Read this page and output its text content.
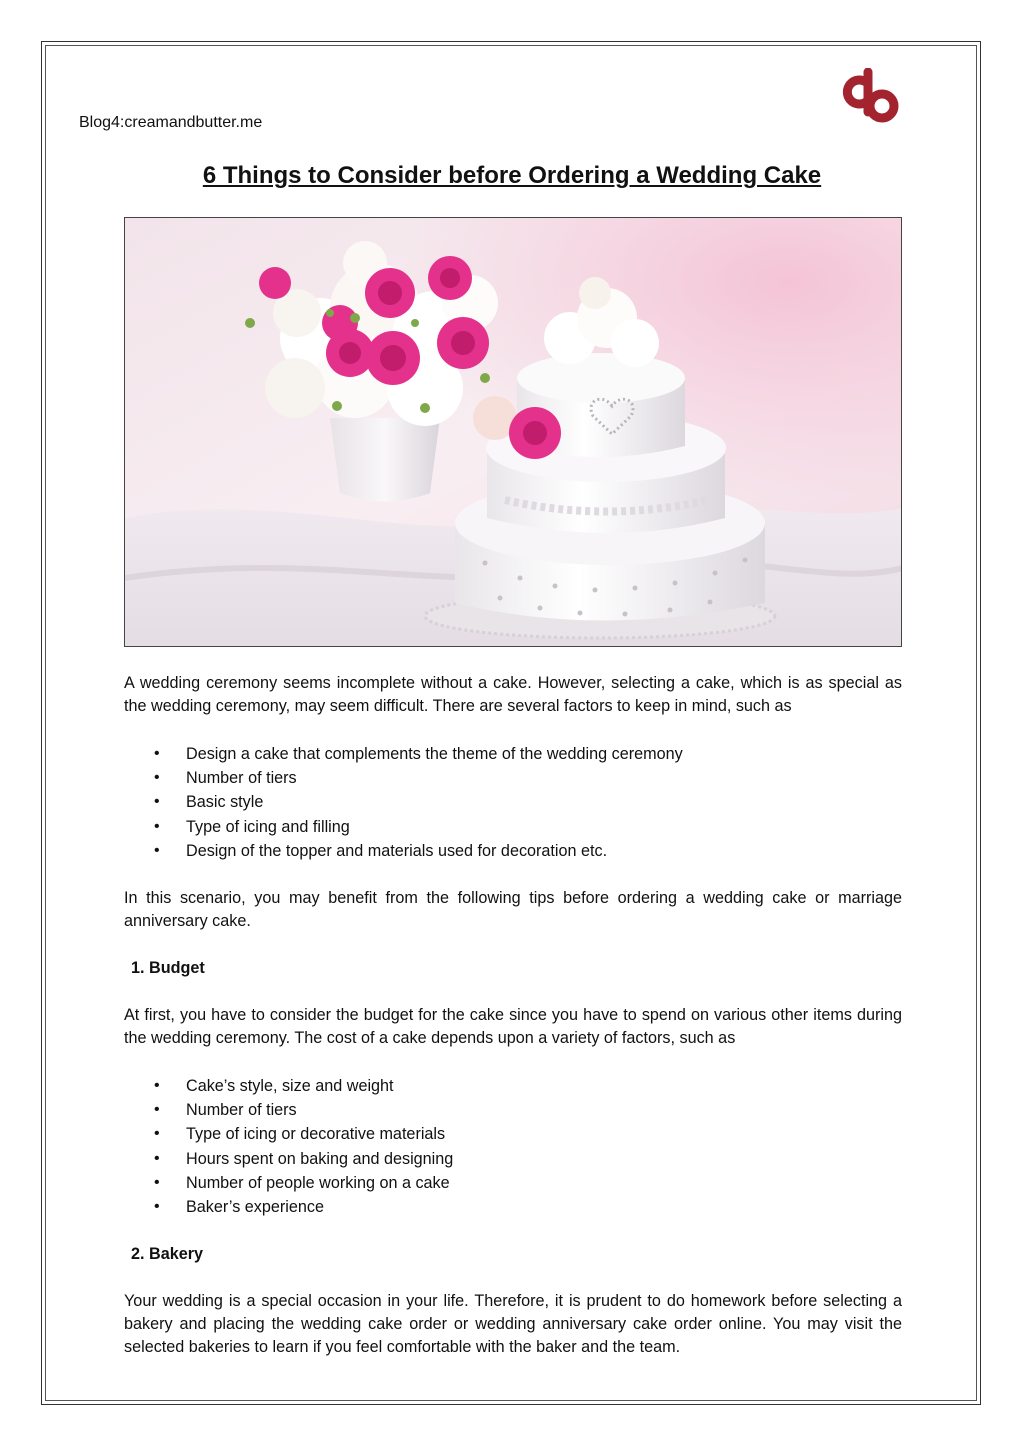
Blog4:creamandbutter.me
6 Things to Consider before Ordering a Wedding Cake

A wedding ceremony seems incomplete without a cake. However, selecting a cake, which is as special as the wedding ceremony, may seem difficult. There are several factors to keep in mind, such as

• Design a cake that complements the theme of the wedding ceremony
• Number of tiers
• Basic style
• Type of icing and filling
• Design of the topper and materials used for decoration etc.

In this scenario, you may benefit from the following tips before ordering a wedding cake or marriage anniversary cake.

1. Budget

At first, you have to consider the budget for the cake since you have to spend on various other items during the wedding ceremony. The cost of a cake depends upon a variety of factors, such as

• Cake’s style, size and weight
• Number of tiers
• Type of icing or decorative materials
• Hours spent on baking and designing
• Number of people working on a cake
• Baker’s experience
2. Bakery

Your wedding is a special occasion in your life. Therefore, it is prudent to do homework before selecting a bakery and placing the wedding cake order or wedding anniversary cake order online. You may visit the selected bakeries to learn if you feel comfortable with the baker and the team.
